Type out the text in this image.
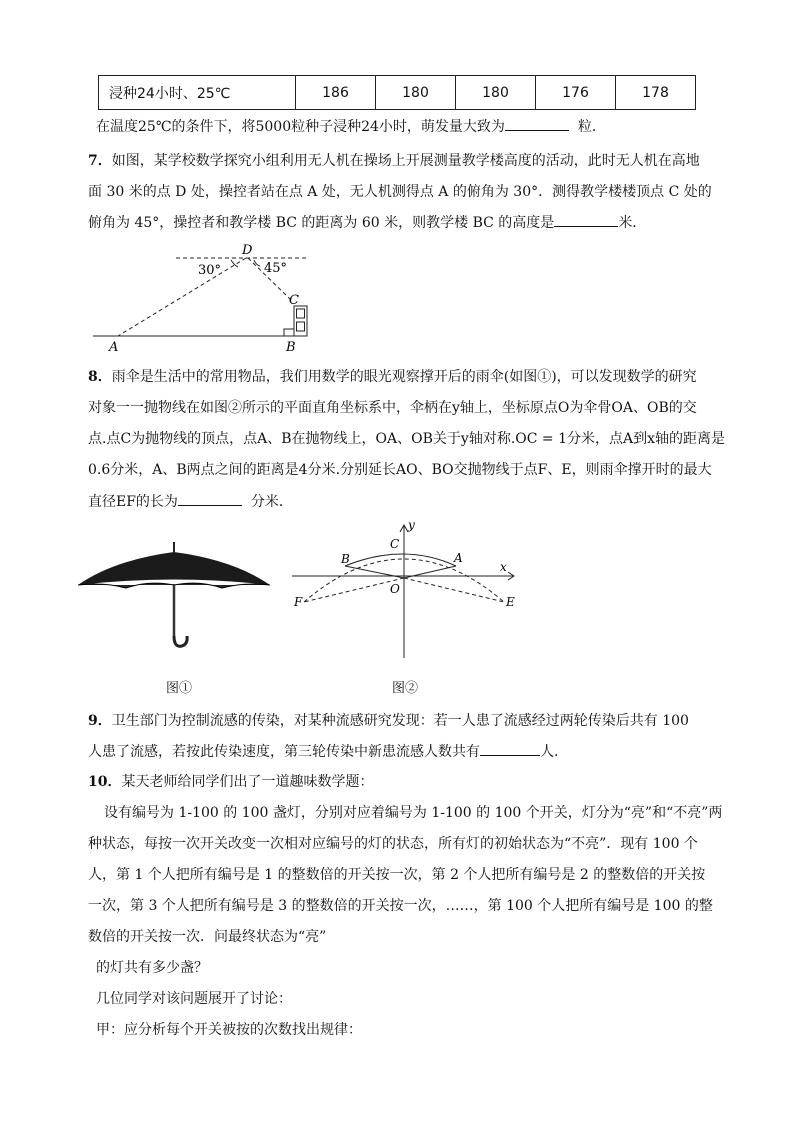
浸种24小时、25℃	186	180	180	176	178
在温度25℃的条件下，将5000粒种子浸种24小时，萌发量大致为	粒.
7．如图，某学校数学探究小组利用无人机在操场上开展测量教学楼高度的活动，此时无人机在高地
面 30 米的点 D 处，操控者站在点 A 处，无人机测得点 A 的俯角为 30°．测得教学楼楼顶点 C 处的
俯角为 45°，操控者和教学楼 BC 的距离为 60 米，则教学楼 BC 的高度是	米．
D
30°	45°
C
A	B
8．雨伞是生活中的常用物品，我们用数学的眼光观察撑开后的雨伞(如图①)，可以发现数学的研究
对象一一抛物线在如图②所示的平面直角坐标系中，伞柄在y轴上，坐标原点O为伞骨OA、OB的交
点.点C为抛物线的顶点，点A、B在抛物线上，OA、OB关于y轴对称.OC = 1分米，点A到x轴的距离是
0.6分米，A、B两点之间的距离是4分米.分别延长AO、BO交抛物线于点F、E，则雨伞撑开时的最大
直径EF的长为	分米．
y
x
C
B	A
O
F	E
图①	图②
9．卫生部门为控制流感的传染，对某种流感研究发现：若一人患了流感经过两轮传染后共有 100
人患了流感，若按此传染速度，第三轮传染中新患流感人数共有	人.
10．某天老师给同学们出了一道趣味数学题：
设有编号为 1-100 的 100 盏灯，分别对应着编号为 1-100 的 100 个开关，灯分为“亮”和“不亮”两
种状态，每按一次开关改变一次相对应编号的灯的状态，所有灯的初始状态为“不亮”．现有 100 个
人，第 1 个人把所有编号是 1 的整数倍的开关按一次，第 2 个人把所有编号是 2 的整数倍的开关按
一次，第 3 个人把所有编号是 3 的整数倍的开关按一次，……，第 100 个人把所有编号是 100 的整
数倍的开关按一次．问最终状态为“亮”
的灯共有多少盏？
几位同学对该问题展开了讨论：
甲：应分析每个开关被按的次数找出规律：
